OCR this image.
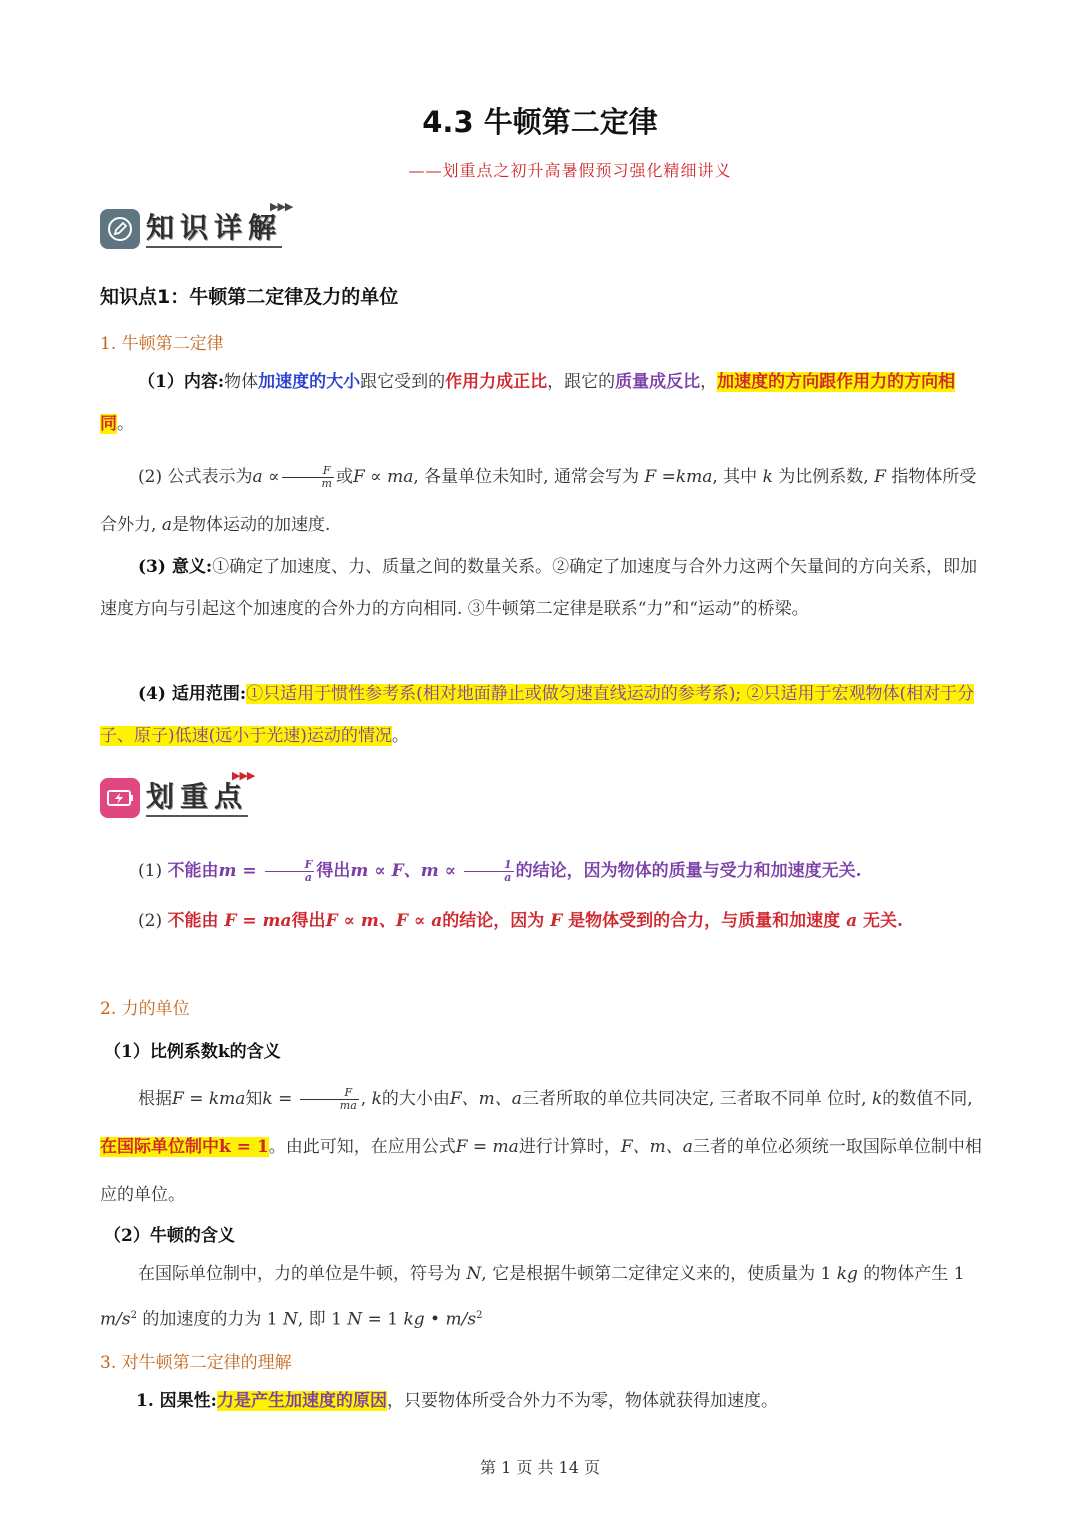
4.3 牛顿第二定律
——划重点之初升高暑假预习强化精细讲义
知识详解
▶▶▶
知识点1：牛顿第二定律及力的单位
1. 牛顿第二定律
（1）内容:物体加速度的大小跟它受到的作用力成正比，跟它的质量成反比，加速度的方向跟作用力的方向相同。
(2) 公式表示为$a \propto \frac{F}{m}$ 或F ∝ ma, 各量单位未知时, 通常会写为 F =kma, 其中 k 为比例系数, F 指物体所受合外力, a是物体运动的加速度.
(3) 意义:①确定了加速度、力、质量之间的数量关系。②确定了加速度与合外力这两个矢量间的方向关系，即加速度方向与引起这个加速度的合外力的方向相同. ③牛顿第二定律是联系“力”和“运动”的桥梁。
(4) 适用范围:①只适用于惯性参考系(相对地面静止或做匀速直线运动的参考系); ②只适用于宏观物体(相对于分子、原子)低速(远小于光速)运动的情况。
划重点
▶▶▶
(1) 不能由$m = \frac{F}{a}$ 得出m ∝ F、$m \propto \frac{1}{a}$ 的结论，因为物体的质量与受力和加速度无关.
(2) 不能由 F = ma得出F ∝ m、F ∝ a的结论，因为 F 是物体受到的合力，与质量和加速度 a 无关.
2. 力的单位
（1）比例系数k的含义
根据F = kma知$k = \frac{F}{ma}$ , k的大小由F、m、a三者所取的单位共同决定, 三者取不同单 位时, k的数值不同, 在国际单位制中k = 1。由此可知，在应用公式F = ma进行计算时，F、m、a三者的单位必须统一取国际单位制中相应的单位。
（2）牛顿的含义
在国际单位制中，力的单位是牛顿，符号为 N, 它是根据牛顿第二定律定义来的，使质量为 1 kg 的物体产生 1 $m/s^2$ 的加速度的力为 1 N, 即 1 N = 1 kg • $m/s^2$
3. 对牛顿第二定律的理解
1. 因果性:力是产生加速度的原因，只要物体所受合外力不为零，物体就获得加速度。
第 1 页 共 14 页
